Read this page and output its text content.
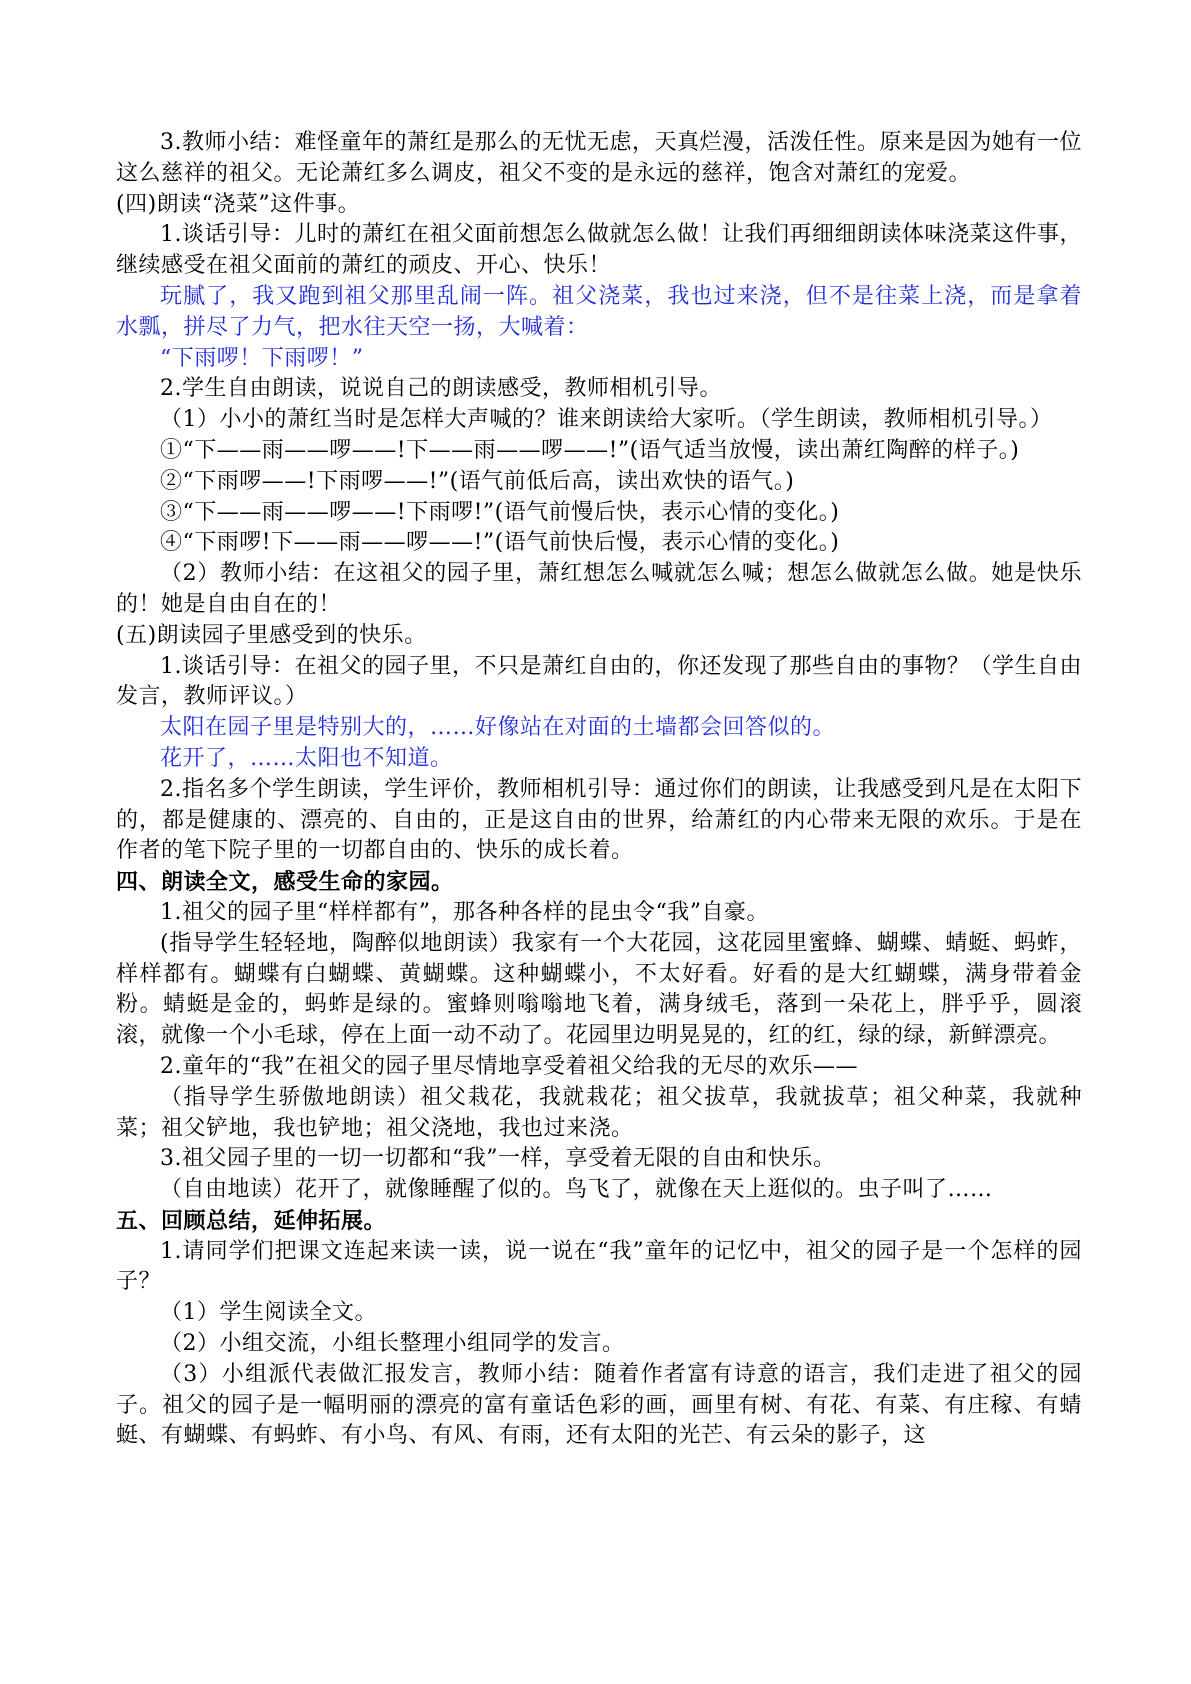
3.教师小结：难怪童年的萧红是那么的无忧无虑，天真烂漫，活泼任性。原来是因为她有一位这么慈祥的祖父。无论萧红多么调皮，祖父不变的是永远的慈祥，饱含对萧红的宠爱。

(四)朗读“浇菜”这件事。

1.谈话引导：儿时的萧红在祖父面前想怎么做就怎么做！让我们再细细朗读体味浇菜这件事，继续感受在祖父面前的萧红的顽皮、开心、快乐！

玩腻了，我又跑到祖父那里乱闹一阵。祖父浇菜，我也过来浇，但不是往菜上浇，而是拿着水瓢，拼尽了力气，把水往天空一扬，大喊着：

“下雨啰！下雨啰！”

2.学生自由朗读，说说自己的朗读感受，教师相机引导。

（1）小小的萧红当时是怎样大声喊的？谁来朗读给大家听。（学生朗读，教师相机引导。）

①“下——雨——啰——!下——雨——啰——!”(语气适当放慢，读出萧红陶醉的样子。)

②“下雨啰——!下雨啰——!”(语气前低后高，读出欢快的语气。)

③“下——雨——啰——!下雨啰!”(语气前慢后快，表示心情的变化。)

④“下雨啰!下——雨——啰——!”(语气前快后慢，表示心情的变化。)

（2）教师小结：在这祖父的园子里，萧红想怎么喊就怎么喊；想怎么做就怎么做。她是快乐的！她是自由自在的！

(五)朗读园子里感受到的快乐。

1.谈话引导：在祖父的园子里，不只是萧红自由的，你还发现了那些自由的事物？（学生自由发言，教师评议。）

太阳在园子里是特别大的，……好像站在对面的土墙都会回答似的。

花开了，……太阳也不知道。

2.指名多个学生朗读，学生评价，教师相机引导：通过你们的朗读，让我感受到凡是在太阳下的，都是健康的、漂亮的、自由的，正是这自由的世界，给萧红的内心带来无限的欢乐。于是在作者的笔下院子里的一切都自由的、快乐的成长着。

四、朗读全文，感受生命的家园。

1.祖父的园子里“样样都有”，那各种各样的昆虫令“我”自豪。

(指导学生轻轻地，陶醉似地朗读）我家有一个大花园，这花园里蜜蜂、蝴蝶、蜻蜓、蚂蚱，样样都有。蝴蝶有白蝴蝶、黄蝴蝶。这种蝴蝶小，不太好看。好看的是大红蝴蝶，满身带着金粉。蜻蜓是金的，蚂蚱是绿的。蜜蜂则嗡嗡地飞着，满身绒毛，落到一朵花上，胖乎乎，圆滚滚，就像一个小毛球，停在上面一动不动了。花园里边明晃晃的，红的红，绿的绿，新鲜漂亮。

2.童年的“我”在祖父的园子里尽情地享受着祖父给我的无尽的欢乐——

（指导学生骄傲地朗读）祖父栽花，我就栽花；祖父拔草，我就拔草；祖父种菜，我就种菜；祖父铲地，我也铲地；祖父浇地，我也过来浇。

3.祖父园子里的一切一切都和“我”一样，享受着无限的自由和快乐。

（自由地读）花开了，就像睡醒了似的。鸟飞了，就像在天上逛似的。虫子叫了……

五、回顾总结，延伸拓展。

1.请同学们把课文连起来读一读，说一说在“我”童年的记忆中，祖父的园子是一个怎样的园子？

（1）学生阅读全文。

（2）小组交流，小组长整理小组同学的发言。

（3）小组派代表做汇报发言，教师小结：随着作者富有诗意的语言，我们走进了祖父的园子。祖父的园子是一幅明丽的漂亮的富有童话色彩的画，画里有树、有花、有菜、有庄稼、有蜻蜓、有蝴蝶、有蚂蚱、有小鸟、有风、有雨，还有太阳的光芒、有云朵的影子，这
